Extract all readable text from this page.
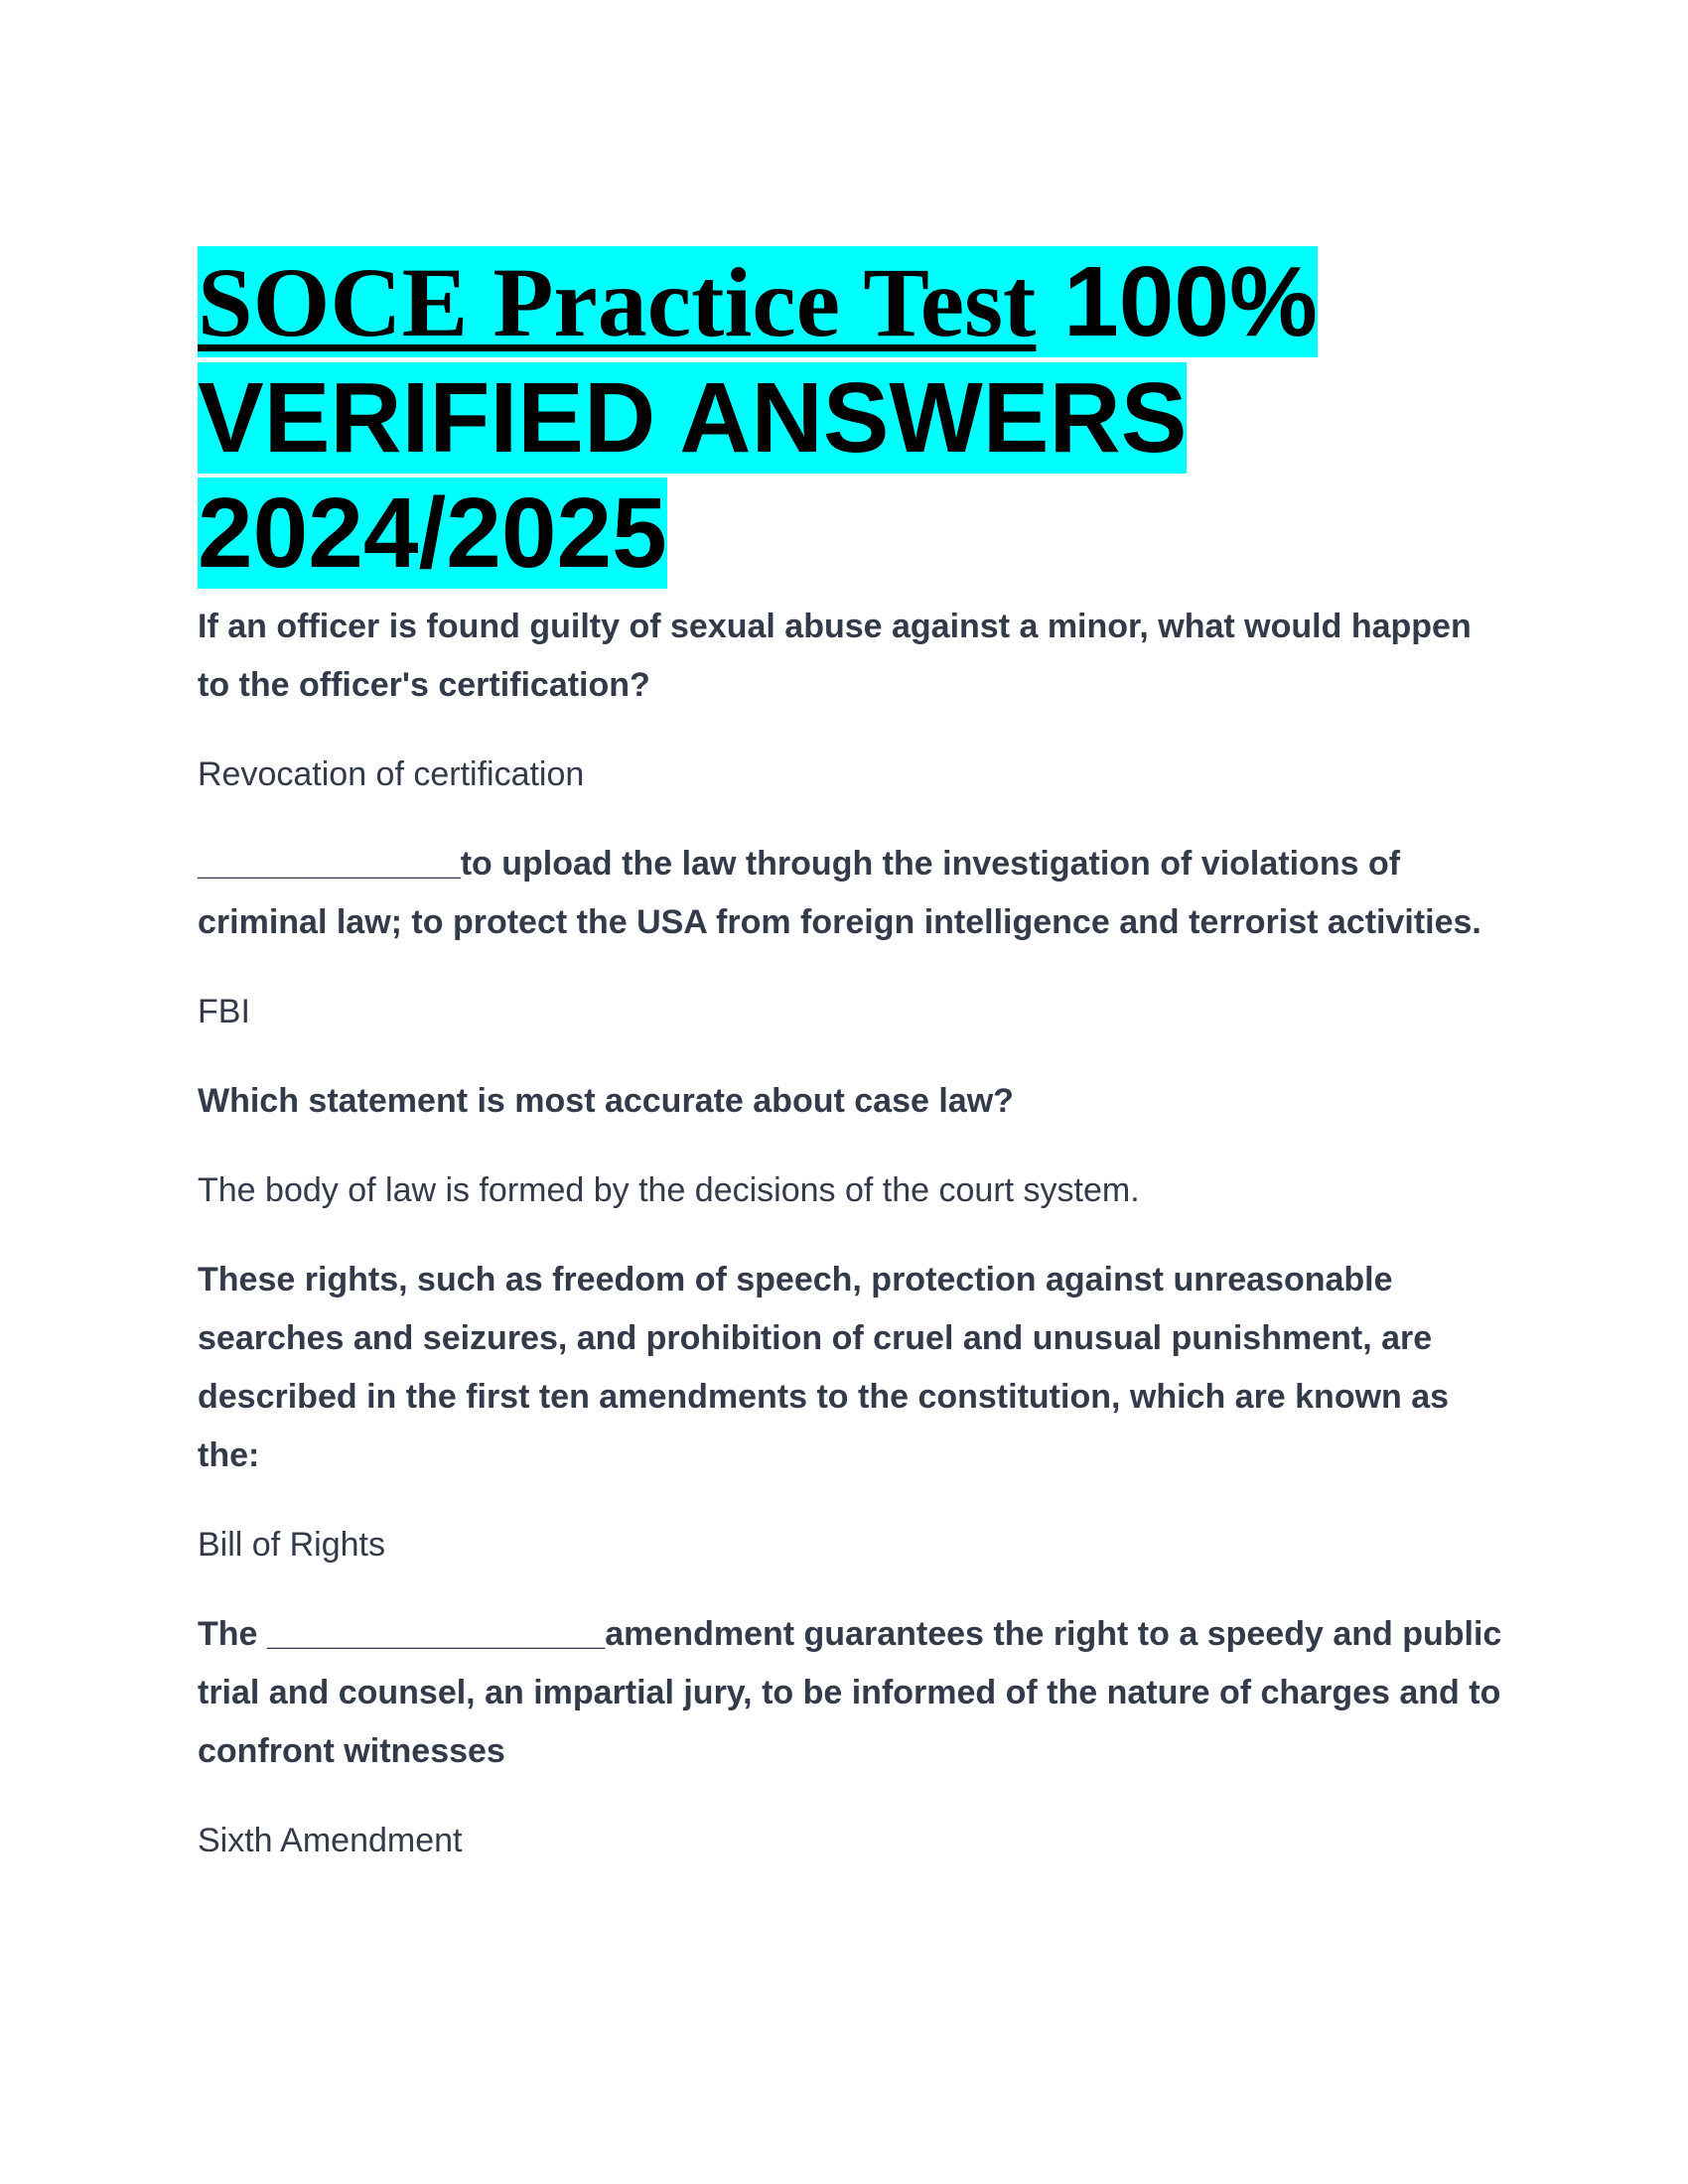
SOCE Practice Test 100%
VERIFIED ANSWERS
2024/2025

If an officer is found guilty of sexual abuse against a minor, what would happen to the officer's certification?

Revocation of certification

______________to upload the law through the investigation of violations of criminal law; to protect the USA from foreign intelligence and terrorist activities.

FBI

Which statement is most accurate about case law?

The body of law is formed by the decisions of the court system.

These rights, such as freedom of speech, protection against unreasonable searches and seizures, and prohibition of cruel and unusual punishment, are described in the first ten amendments to the constitution, which are known as the:

Bill of Rights

The __________________amendment guarantees the right to a speedy and public trial and counsel, an impartial jury, to be informed of the nature of charges and to confront witnesses

Sixth Amendment
